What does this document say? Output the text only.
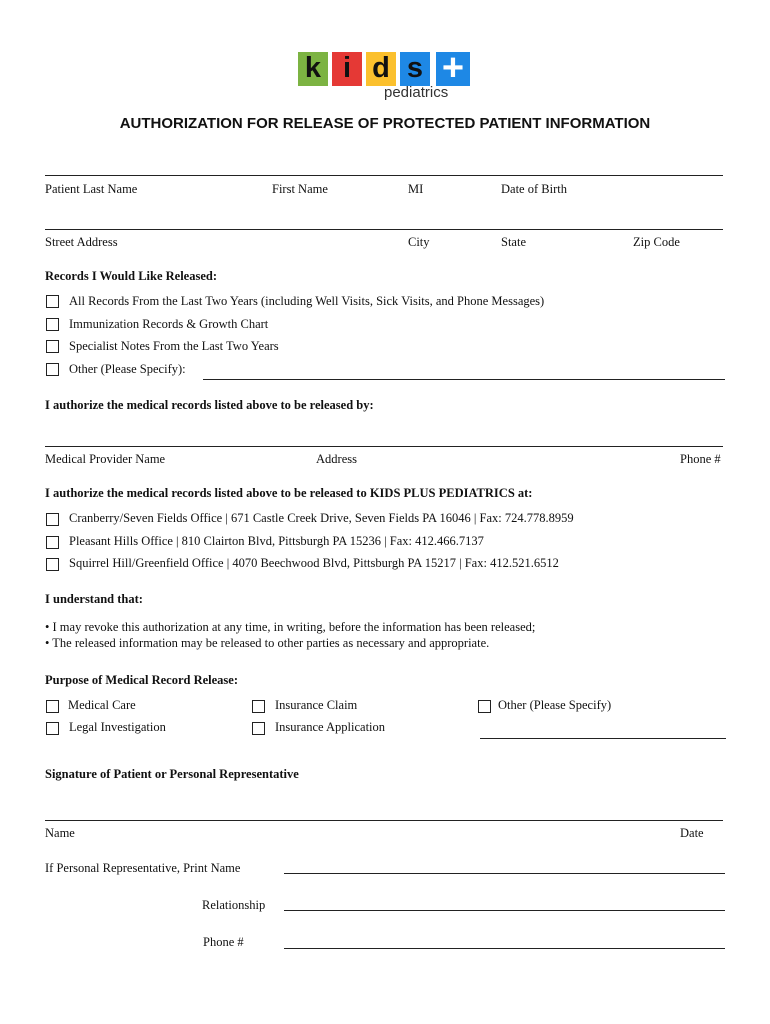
k i d s +
pediatrics
AUTHORIZATION FOR RELEASE OF PROTECTED PATIENT INFORMATION
Patient Last Name	First Name	MI	Date of Birth
Street Address	City	State	Zip Code
Records I Would Like Released:
All Records From the Last Two Years (including Well Visits, Sick Visits, and Phone Messages)
Immunization Records & Growth Chart
Specialist Notes From the Last Two Years
Other (Please Specify):
I authorize the medical records listed above to be released by:
Medical Provider Name	Address	Phone #
I authorize the medical records listed above to be released to KIDS PLUS PEDIATRICS at:
Cranberry/Seven Fields Office | 671 Castle Creek Drive, Seven Fields PA 16046 | Fax: 724.778.8959
Pleasant Hills Office | 810 Clairton Blvd, Pittsburgh PA 15236 | Fax: 412.466.7137
Squirrel Hill/Greenfield Office | 4070 Beechwood Blvd, Pittsburgh PA 15217 | Fax: 412.521.6512
I understand that:
• I may revoke this authorization at any time, in writing, before the information has been released;
• The released information may be released to other parties as necessary and appropriate.
Purpose of Medical Record Release:
Medical Care
Legal Investigation
Insurance Claim
Insurance Application
Other (Please Specify)
Signature of Patient or Personal Representative
Name	Date
If Personal Representative, Print Name
Relationship
Phone #
